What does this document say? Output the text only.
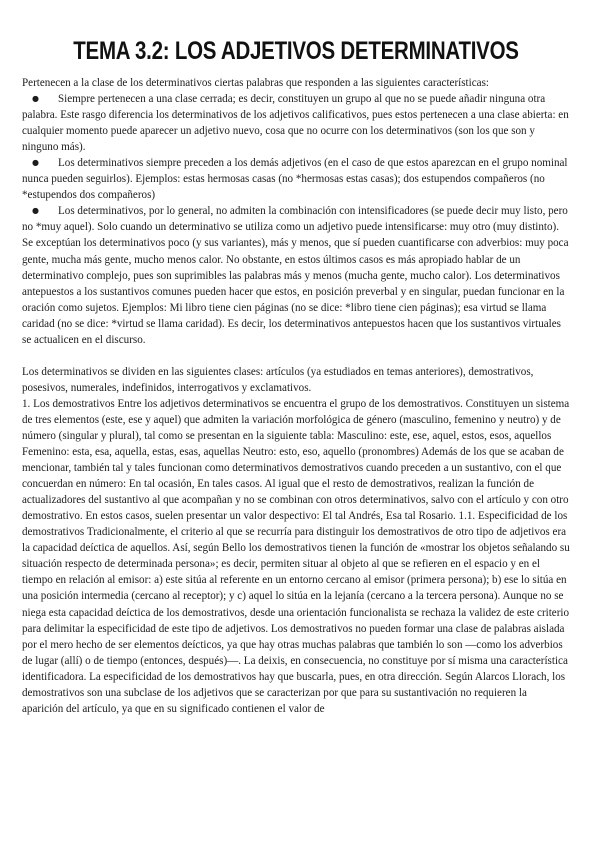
TEMA 3.2: LOS ADJETIVOS DETERMINATIVOS

Pertenecen a la clase de los determinativos ciertas palabras que responden a las siguientes características:

● Siempre pertenecen a una clase cerrada; es decir, constituyen un grupo al que no se puede añadir ninguna otra palabra. Este rasgo diferencia los determinativos de los adjetivos calificativos, pues estos pertenecen a una clase abierta: en cualquier momento puede aparecer un adjetivo nuevo, cosa que no ocurre con los determinativos (son los que son y ninguno más).

● Los determinativos siempre preceden a los demás adjetivos (en el caso de que estos aparezcan en el grupo nominal nunca pueden seguirlos). Ejemplos: estas hermosas casas (no *hermosas estas casas); dos estupendos compañeros (no *estupendos dos compañeros)

● Los determinativos, por lo general, no admiten la combinación con intensificadores (se puede decir muy listo, pero no *muy aquel). Solo cuando un determinativo se utiliza como un adjetivo puede intensificarse: muy otro (muy distinto). Se exceptúan los determinativos poco (y sus variantes), más y menos, que sí pueden cuantificarse con adverbios: muy poca gente, mucha más gente, mucho menos calor. No obstante, en estos últimos casos es más apropiado hablar de un determinativo complejo, pues son suprimibles las palabras más y menos (mucha gente, mucho calor). Los determinativos antepuestos a los sustantivos comunes pueden hacer que estos, en posición preverbal y en singular, puedan funcionar en la oración como sujetos. Ejemplos: Mi libro tiene cien páginas (no se dice: *libro tiene cien páginas); esa virtud se llama caridad (no se dice: *virtud se llama caridad). Es decir, los determinativos antepuestos hacen que los sustantivos virtuales se actualicen en el discurso.

Los determinativos se dividen en las siguientes clases: artículos (ya estudiados en temas anteriores), demostrativos, posesivos, numerales, indefinidos, interrogativos y exclamativos.

1. Los demostrativos Entre los adjetivos determinativos se encuentra el grupo de los demostrativos. Constituyen un sistema de tres elementos (este, ese y aquel) que admiten la variación morfológica de género (masculino, femenino y neutro) y de número (singular y plural), tal como se presentan en la siguiente tabla: Masculino: este, ese, aquel, estos, esos, aquellos Femenino: esta, esa, aquella, estas, esas, aquellas Neutro: esto, eso, aquello (pronombres) Además de los que se acaban de mencionar, también tal y tales funcionan como determinativos demostrativos cuando preceden a un sustantivo, con el que concuerdan en número: En tal ocasión, En tales casos. Al igual que el resto de demostrativos, realizan la función de actualizadores del sustantivo al que acompañan y no se combinan con otros determinativos, salvo con el artículo y con otro demostrativo. En estos casos, suelen presentar un valor despectivo: El tal Andrés, Esa tal Rosario. 1.1. Especificidad de los demostrativos Tradicionalmente, el criterio al que se recurría para distinguir los demostrativos de otro tipo de adjetivos era la capacidad deíctica de aquellos. Así, según Bello los demostrativos tienen la función de «mostrar los objetos señalando su situación respecto de determinada persona»; es decir, permiten situar al objeto al que se refieren en el espacio y en el tiempo en relación al emisor: a) este sitúa al referente en un entorno cercano al emisor (primera persona); b) ese lo sitúa en una posición intermedia (cercano al receptor); y c) aquel lo sitúa en la lejanía (cercano a la tercera persona). Aunque no se niega esta capacidad deíctica de los demostrativos, desde una orientación funcionalista se rechaza la validez de este criterio para delimitar la especificidad de este tipo de adjetivos. Los demostrativos no pueden formar una clase de palabras aislada por el mero hecho de ser elementos deícticos, ya que hay otras muchas palabras que también lo son —como los adverbios de lugar (allí) o de tiempo (entonces, después)—. La deixis, en consecuencia, no constituye por sí misma una característica identificadora. La especificidad de los demostrativos hay que buscarla, pues, en otra dirección. Según Alarcos Llorach, los demostrativos son una subclase de los adjetivos que se caracterizan por que para su sustantivación no requieren la aparición del artículo, ya que en su significado contienen el valor de
